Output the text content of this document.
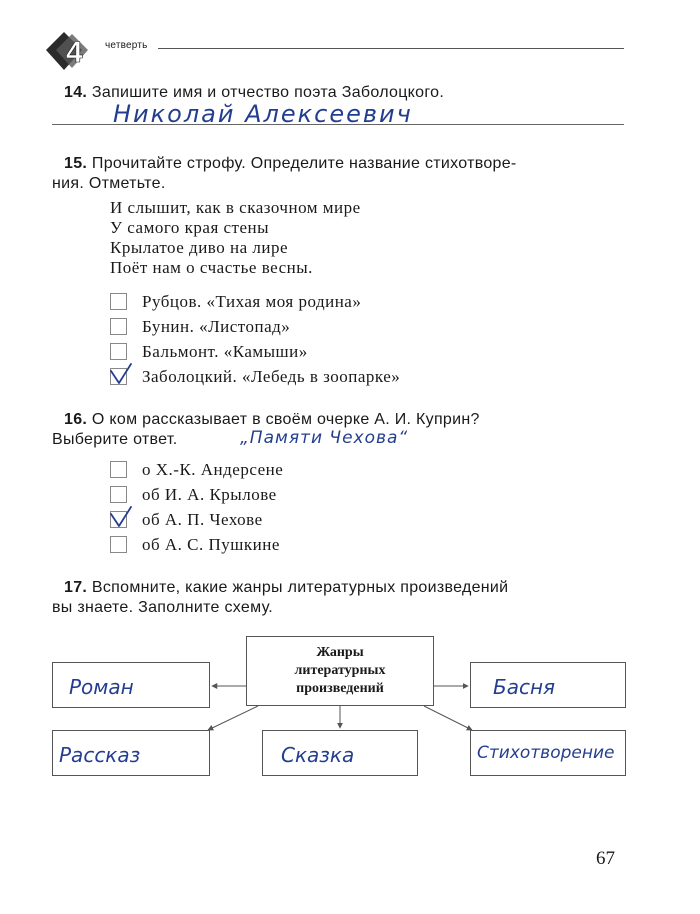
4 четверть
14. Запишите имя и отчество поэта Заболоцкого.
Николай Алексеевич
15. Прочитайте строфу. Определите название стихотворе-
ния. Отметьте.
И слышит, как в сказочном мире
У самого края стены
Крылатое диво на лире
Поёт нам о счастье весны.
Рубцов. «Тихая моя родина»
Бунин. «Листопад»
Бальмонт. «Камыши»
Заболоцкий. «Лебедь в зоопарке»
16. О ком рассказывает в своём очерке А. И. Куприн?
Выберите ответ.	„Памяти Чехова“
о Х.-К. Андерсене
об И. А. Крылове
об А. П. Чехове
об А. С. Пушкине
17. Вспомните, какие жанры литературных произведений
вы знаете. Заполните схему.
Жанры
литературных
произведений
Роман	Басня
Рассказ	Сказка	Стихотворение
67
